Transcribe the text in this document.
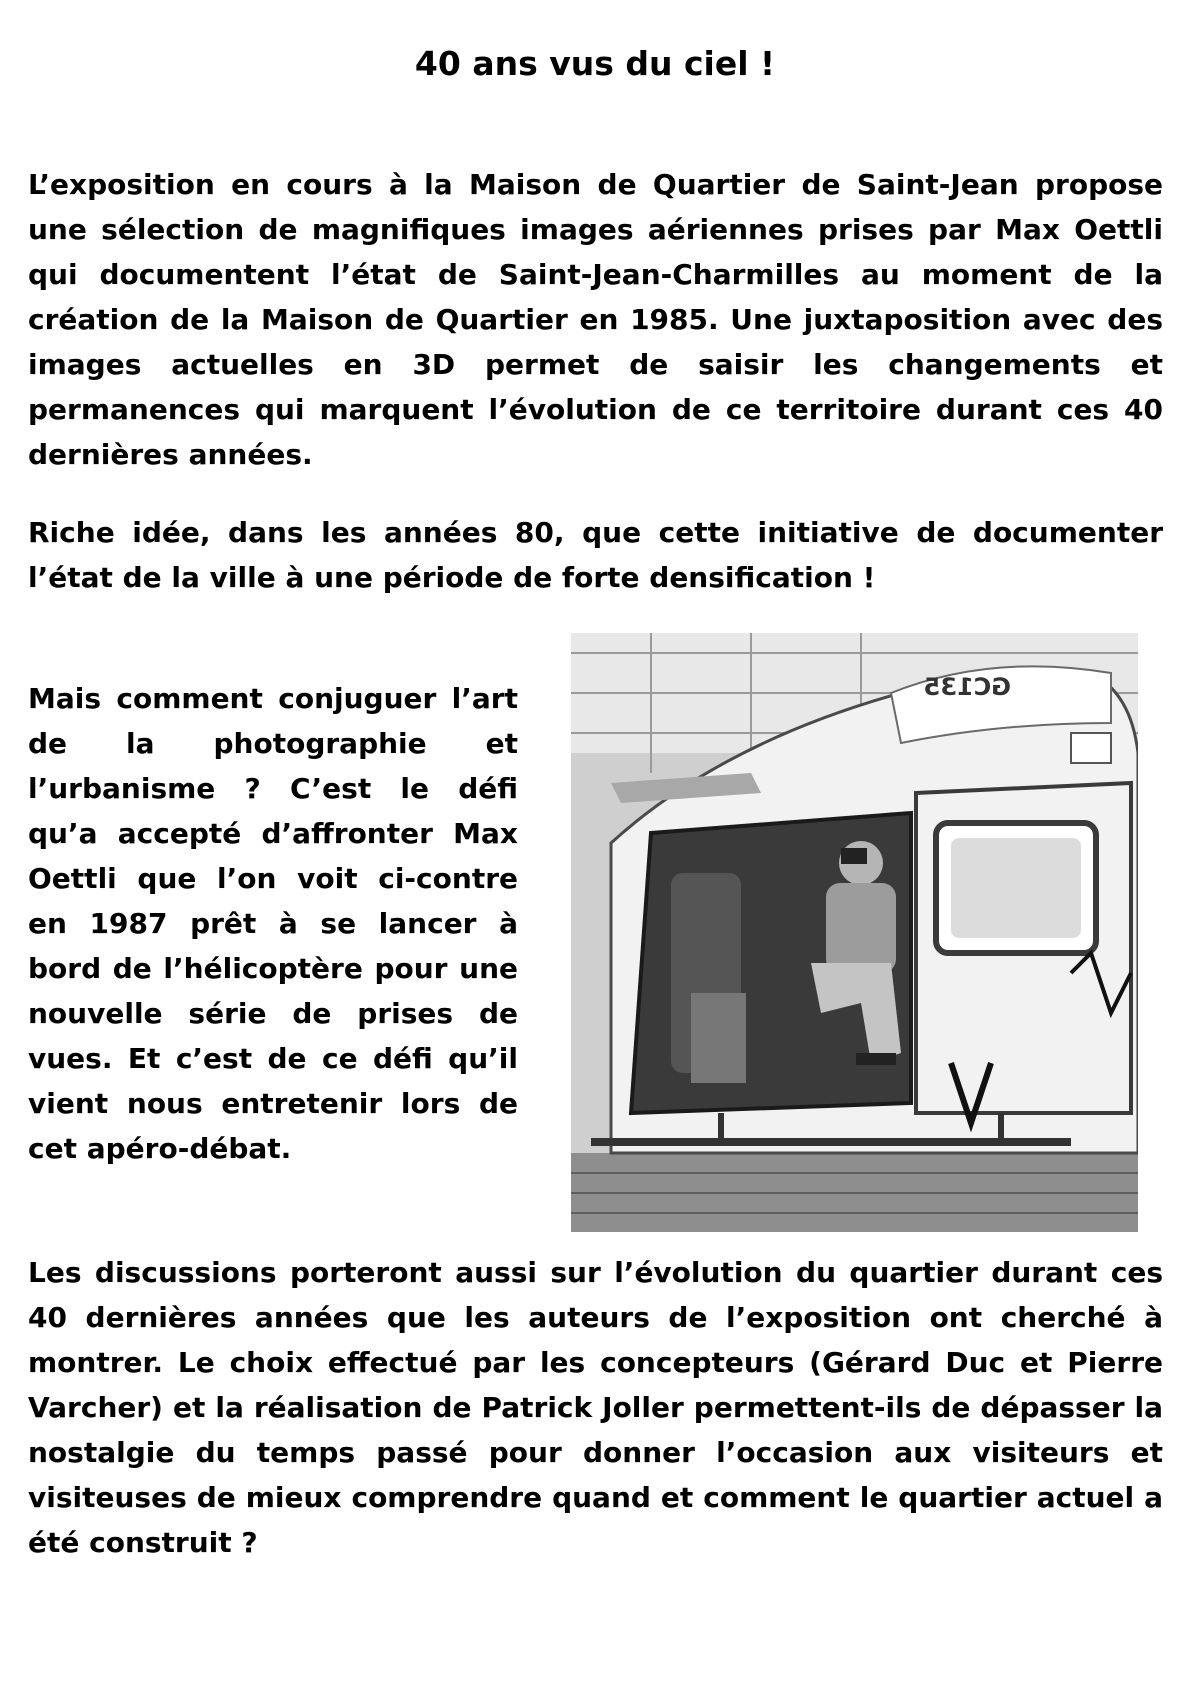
40 ans vus du ciel !

L’exposition en cours à la Maison de Quartier de Saint-Jean propose une sélection de magnifiques images aériennes prises par Max Oettli qui documentent l’état de Saint-Jean-Charmilles au moment de la création de la Maison de Quartier en 1985. Une juxtaposition avec des images actuelles en 3D permet de saisir les changements et permanences qui marquent l’évolution de ce territoire durant ces 40 dernières années.

Riche idée, dans les années 80, que cette initiative de documenter l’état de la ville à une période de forte densification !

Mais comment conjuguer l’art de la photographie et l’urbanisme ? C’est le défi qu’a accepté d’affronter Max Oettli que l’on voit ci-contre en 1987 prêt à se lancer à bord de l’hélicoptère pour une nouvelle série de prises de vues. Et c’est de ce défi qu’il vient nous entretenir lors de cet apéro-débat.

GC135

Les discussions porteront aussi sur l’évolution du quartier durant ces 40 dernières années que les auteurs de l’exposition ont cherché à montrer. Le choix effectué par les concepteurs (Gérard Duc et Pierre Varcher) et la réalisation de Patrick Joller permettent-ils de dépasser la nostalgie du temps passé pour donner l’occasion aux visiteurs et visiteuses de mieux comprendre quand et comment le quartier actuel a été construit ?
